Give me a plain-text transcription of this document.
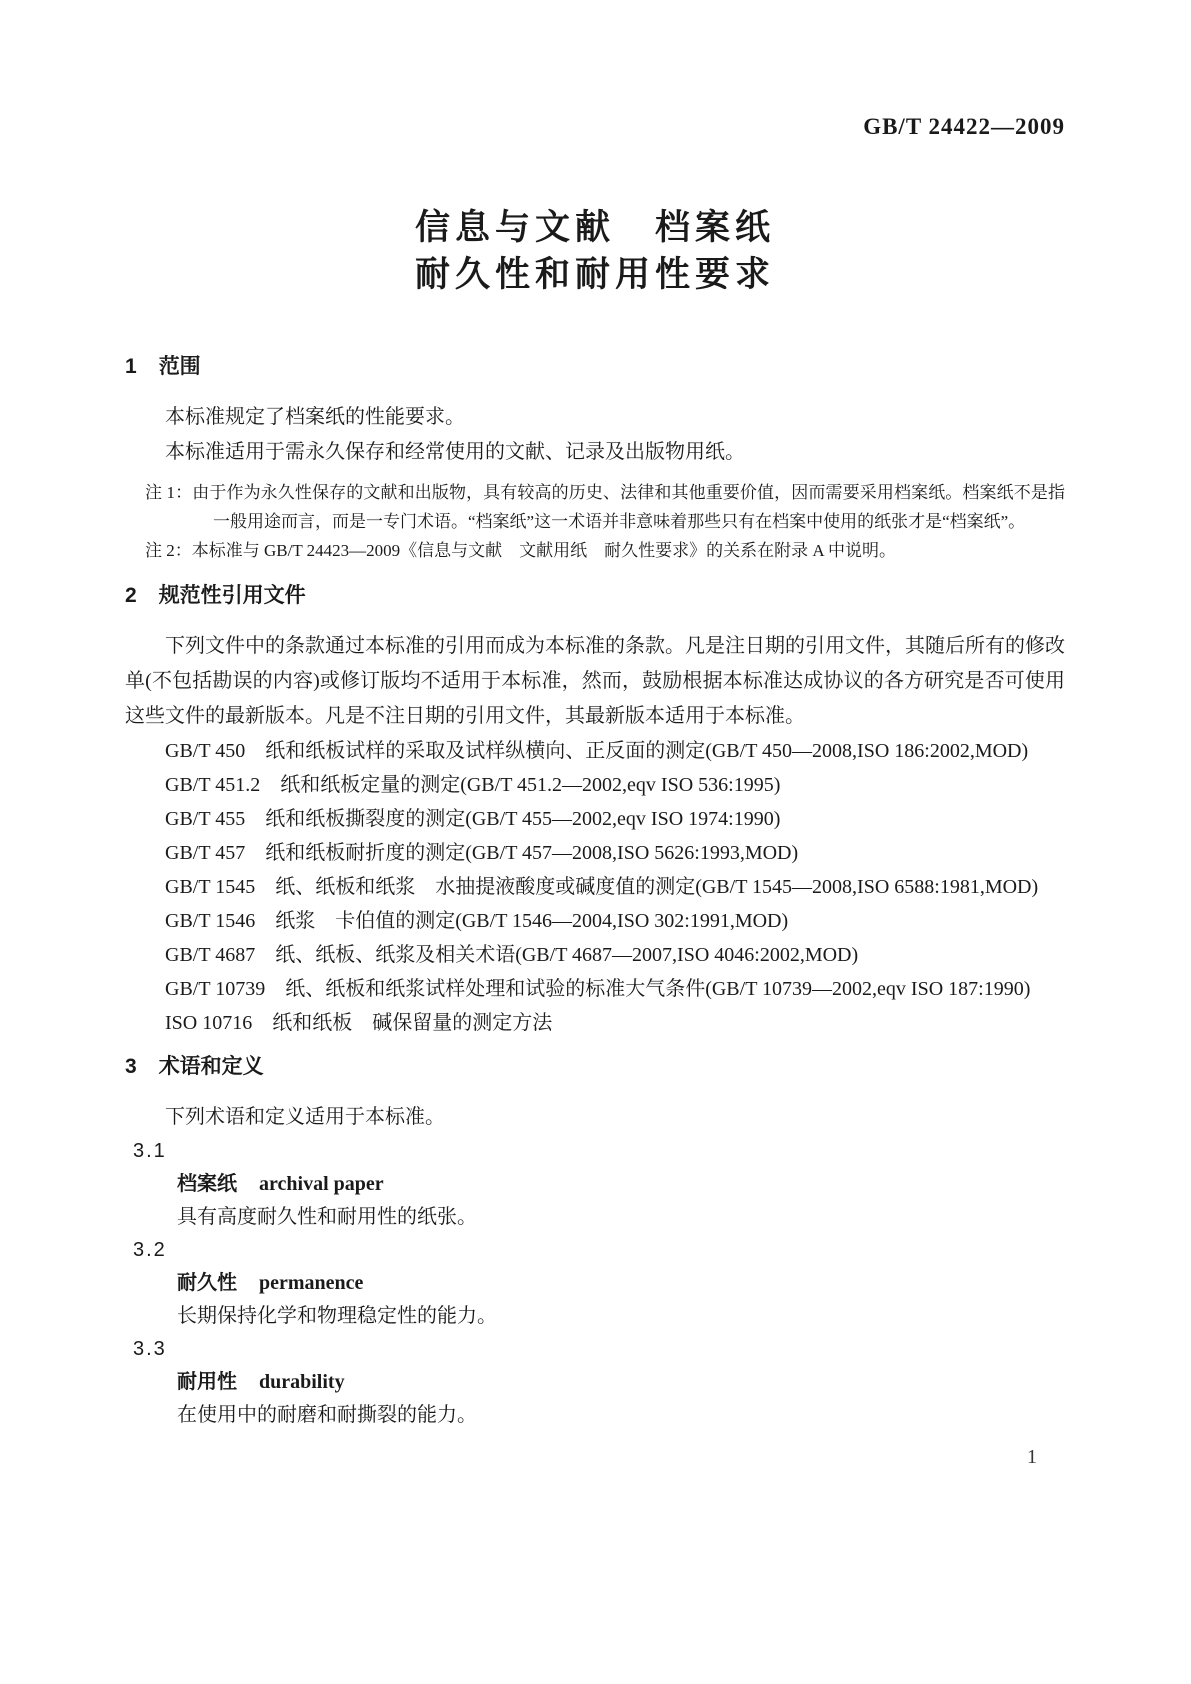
GB/T 24422—2009
信息与文献　档案纸
耐久性和耐用性要求
1 范围

本标准规定了档案纸的性能要求。

本标准适用于需永久保存和经常使用的文献、记录及出版物用纸。

注 1：由于作为永久性保存的文献和出版物，具有较高的历史、法律和其他重要价值，因而需要采用档案纸。档案纸不是指一般用途而言，而是一专门术语。“档案纸”这一术语并非意味着那些只有在档案中使用的纸张才是“档案纸”。

注 2：本标准与 GB/T 24423—2009《信息与文献　文献用纸　耐久性要求》的关系在附录 A 中说明。

2 规范性引用文件

下列文件中的条款通过本标准的引用而成为本标准的条款。凡是注日期的引用文件，其随后所有的修改单(不包括勘误的内容)或修订版均不适用于本标准，然而，鼓励根据本标准达成协议的各方研究是否可使用这些文件的最新版本。凡是不注日期的引用文件，其最新版本适用于本标准。

GB/T 450　纸和纸板试样的采取及试样纵横向、正反面的测定(GB/T 450—2008,ISO 186:2002,MOD)

GB/T 451.2　纸和纸板定量的测定(GB/T 451.2—2002,eqv ISO 536:1995)

GB/T 455　纸和纸板撕裂度的测定(GB/T 455—2002,eqv ISO 1974:1990)

GB/T 457　纸和纸板耐折度的测定(GB/T 457—2008,ISO 5626:1993,MOD)

GB/T 1545　纸、纸板和纸浆　水抽提液酸度或碱度值的测定(GB/T 1545—2008,ISO 6588:1981,MOD)

GB/T 1546　纸浆　卡伯值的测定(GB/T 1546—2004,ISO 302:1991,MOD)

GB/T 4687　纸、纸板、纸浆及相关术语(GB/T 4687—2007,ISO 4046:2002,MOD)

GB/T 10739　纸、纸板和纸浆试样处理和试验的标准大气条件(GB/T 10739—2002,eqv ISO 187:1990)

ISO 10716　纸和纸板　碱保留量的测定方法

3 术语和定义

下列术语和定义适用于本标准。

3.1

档案纸 archival paper

具有高度耐久性和耐用性的纸张。

3.2

耐久性 permanence

长期保持化学和物理稳定性的能力。

3.3

耐用性 durability

在使用中的耐磨和耐撕裂的能力。

1
